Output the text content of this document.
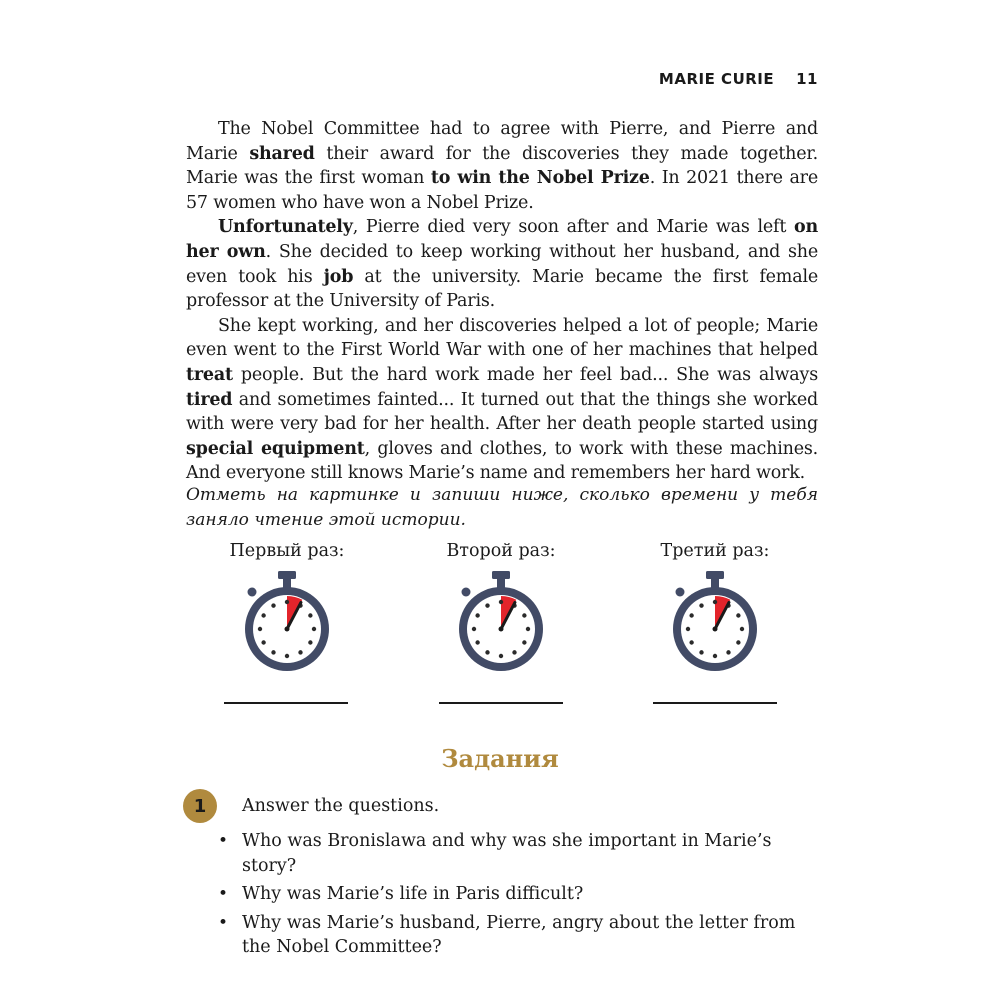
MARIE CURIE 11

The Nobel Committee had to agree with Pierre, and Pierre and Marie shared their award for the discoveries they made together. Marie was the first woman to win the Nobel Prize. In 2021 there are 57 women who have won a Nobel Prize.

Unfortunately, Pierre died very soon after and Marie was left on her own. She decided to keep working without her husband, and she even took his job at the university. Marie became the first female professor at the University of Paris.

She kept working, and her discoveries helped a lot of people; Marie even went to the First World War with one of her machines that helped treat people. But the hard work made her feel bad... She was always tired and sometimes fainted... It turned out that the things she worked with were very bad for her health. After her death people started using special equipment, gloves and clothes, to work with these machines. And everyone still knows Marie’s name and remembers her hard work.

Отметь на картинке и запиши ниже, сколько времени у тебя заняло чтение этой истории.
Первый раз:	Второй раз:	Третий раз:
Задания
1	Answer the questions.
• Who was Bronislawa and why was she important in Marie’s story?
• Why was Marie’s life in Paris difficult?
• Why was Marie’s husband, Pierre, angry about the letter from the Nobel Committee?
